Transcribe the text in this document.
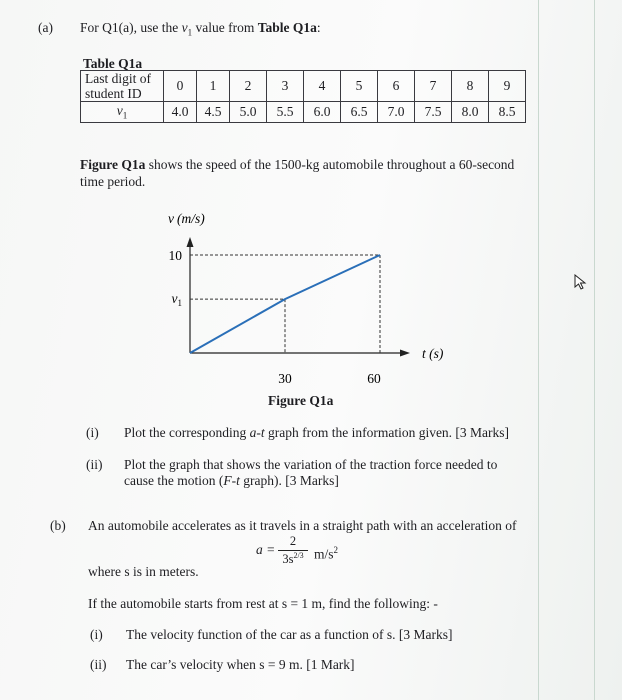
(a) For Q1(a), use the $v_1$ value from Table Q1a:
Table Q1a
Last digit of
student ID	0	1	2	3	4	5	6	7	8	9
$v_1$	4.0	4.5	5.0	5.5	6.0	6.5	7.0	7.5	8.0	8.5
Figure Q1a shows the speed of the 1500-kg automobile throughout a 60-second
time period.
v (m/s)
10
$v_1$
30	60
t (s)
Figure Q1a
(i) Plot the corresponding a-t graph from the information given. [3 Marks]
(ii) Plot the graph that shows the variation of the traction force needed to
cause the motion (F-t graph). [3 Marks]
(b) An automobile accelerates as it travels in a straight path with an acceleration of
$a = \frac{2}{3s^{2/3}} m/s^2$
where s is in meters.
If the automobile starts from rest at s = 1 m, find the following: -
(i) The velocity function of the car as a function of s. [3 Marks]
(ii) The car’s velocity when s = 9 m. [1 Mark]
